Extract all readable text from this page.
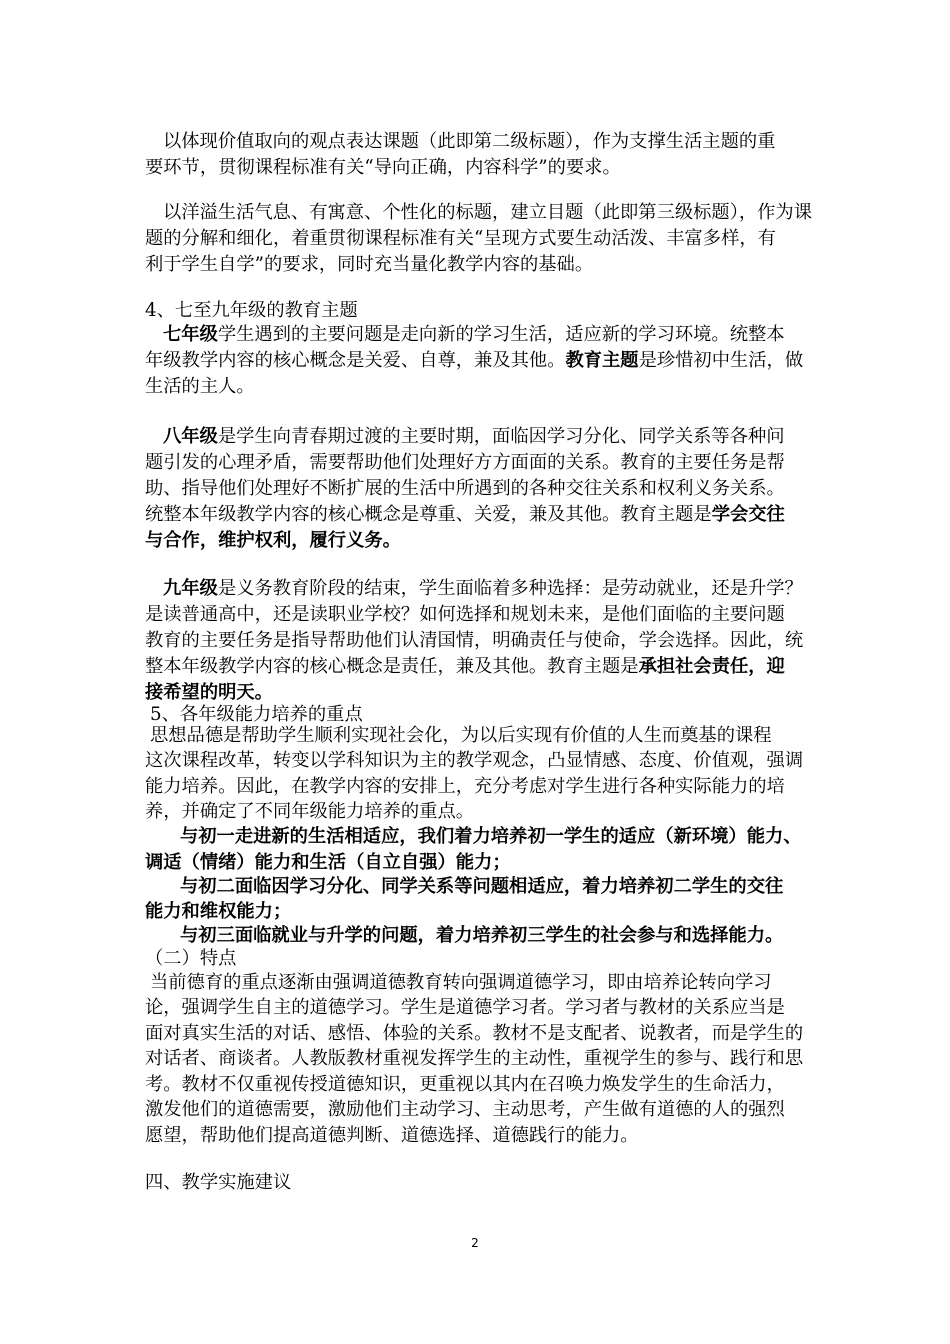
以体现价值取向的观点表达课题（此即第二级标题），作为支撑生活主题的重
要环节，贯彻课程标准有关“导向正确，内容科学”的要求。
以洋溢生活气息、有寓意、个性化的标题，建立目题（此即第三级标题），作为课
题的分解和细化，着重贯彻课程标准有关“呈现方式要生动活泼、丰富多样，有
利于学生自学”的要求，同时充当量化教学内容的基础。
4、七至九年级的教育主题
七年级学生遇到的主要问题是走向新的学习生活，适应新的学习环境。统整本
年级教学内容的核心概念是关爱、自尊，兼及其他。教育主题是珍惜初中生活，做
生活的主人。
八年级是学生向青春期过渡的主要时期，面临因学习分化、同学关系等各种问
题引发的心理矛盾，需要帮助他们处理好方方面面的关系。教育的主要任务是帮
助、指导他们处理好不断扩展的生活中所遇到的各种交往关系和权利义务关系。
统整本年级教学内容的核心概念是尊重、关爱，兼及其他。教育主题是学会交往
与合作，维护权利，履行义务。
九年级是义务教育阶段的结束，学生面临着多种选择：是劳动就业，还是升学？
是读普通高中，还是读职业学校？如何选择和规划未来，是他们面临的主要问题
教育的主要任务是指导帮助他们认清国情，明确责任与使命，学会选择。因此，统
整本年级教学内容的核心概念是责任，兼及其他。教育主题是承担社会责任，迎
接希望的明天。
5、各年级能力培养的重点
思想品德是帮助学生顺利实现社会化，为以后实现有价值的人生而奠基的课程
这次课程改革，转变以学科知识为主的教学观念，凸显情感、态度、价值观，强调
能力培养。因此，在教学内容的安排上，充分考虑对学生进行各种实际能力的培
养，并确定了不同年级能力培养的重点。
与初一走进新的生活相适应，我们着力培养初一学生的适应（新环境）能力、
调适（情绪）能力和生活（自立自强）能力；
与初二面临因学习分化、同学关系等问题相适应，着力培养初二学生的交往
能力和维权能力；
与初三面临就业与升学的问题，着力培养初三学生的社会参与和选择能力。
（二）特点
当前德育的重点逐渐由强调道德教育转向强调道德学习，即由培养论转向学习
论，强调学生自主的道德学习。学生是道德学习者。学习者与教材的关系应当是
面对真实生活的对话、感悟、体验的关系。教材不是支配者、说教者，而是学生的
对话者、商谈者。人教版教材重视发挥学生的主动性，重视学生的参与、践行和思
考。教材不仅重视传授道德知识，更重视以其内在召唤力焕发学生的生命活力，
激发他们的道德需要，激励他们主动学习、主动思考，产生做有道德的人的强烈
愿望，帮助他们提高道德判断、道德选择、道德践行的能力。
四、教学实施建议
2
